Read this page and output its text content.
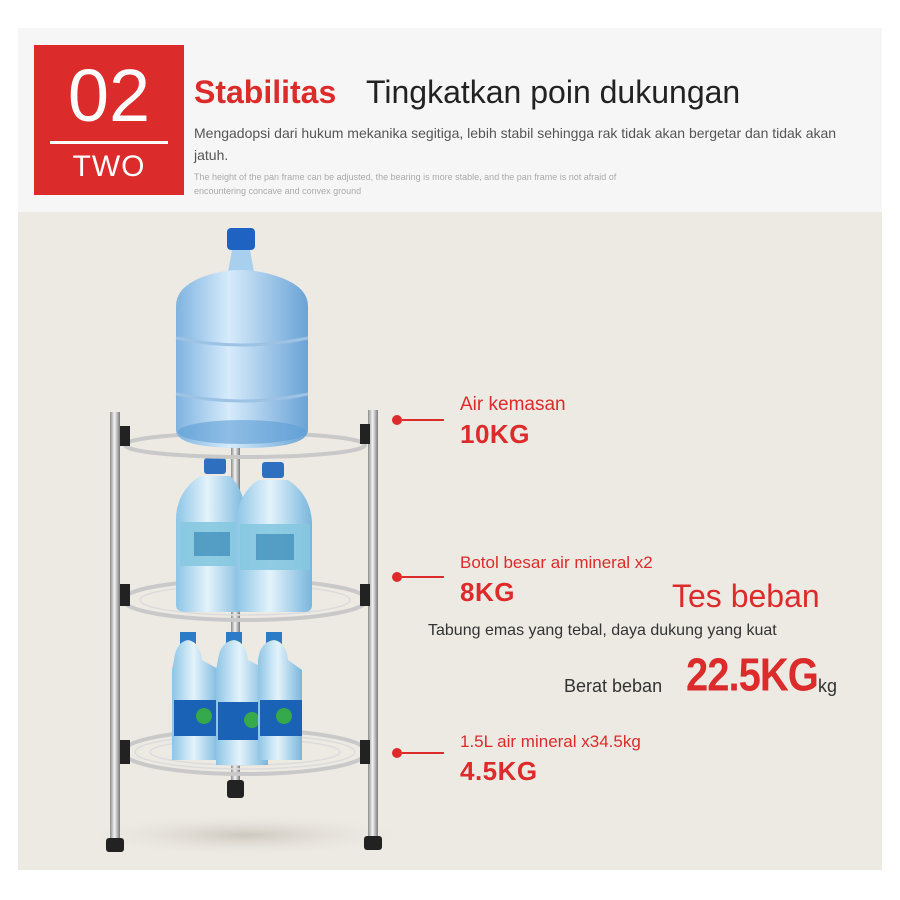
02
TWO
Stabilitas Tingkatkan poin dukungan
Mengadopsi dari hukum mekanika segitiga, lebih stabil sehingga rak tidak akan bergetar dan tidak akan jatuh.
The height of the pan frame can be adjusted, the bearing is more stable, and the pan frame is not afraid of encountering concave and convex ground
Air kemasan
10KG
Botol besar air mineral x2
8KG
1.5L air mineral x34.5kg
4.5KG
Tes beban
Tabung emas yang tebal, daya dukung yang kuat
Berat beban 22.5KG kg
